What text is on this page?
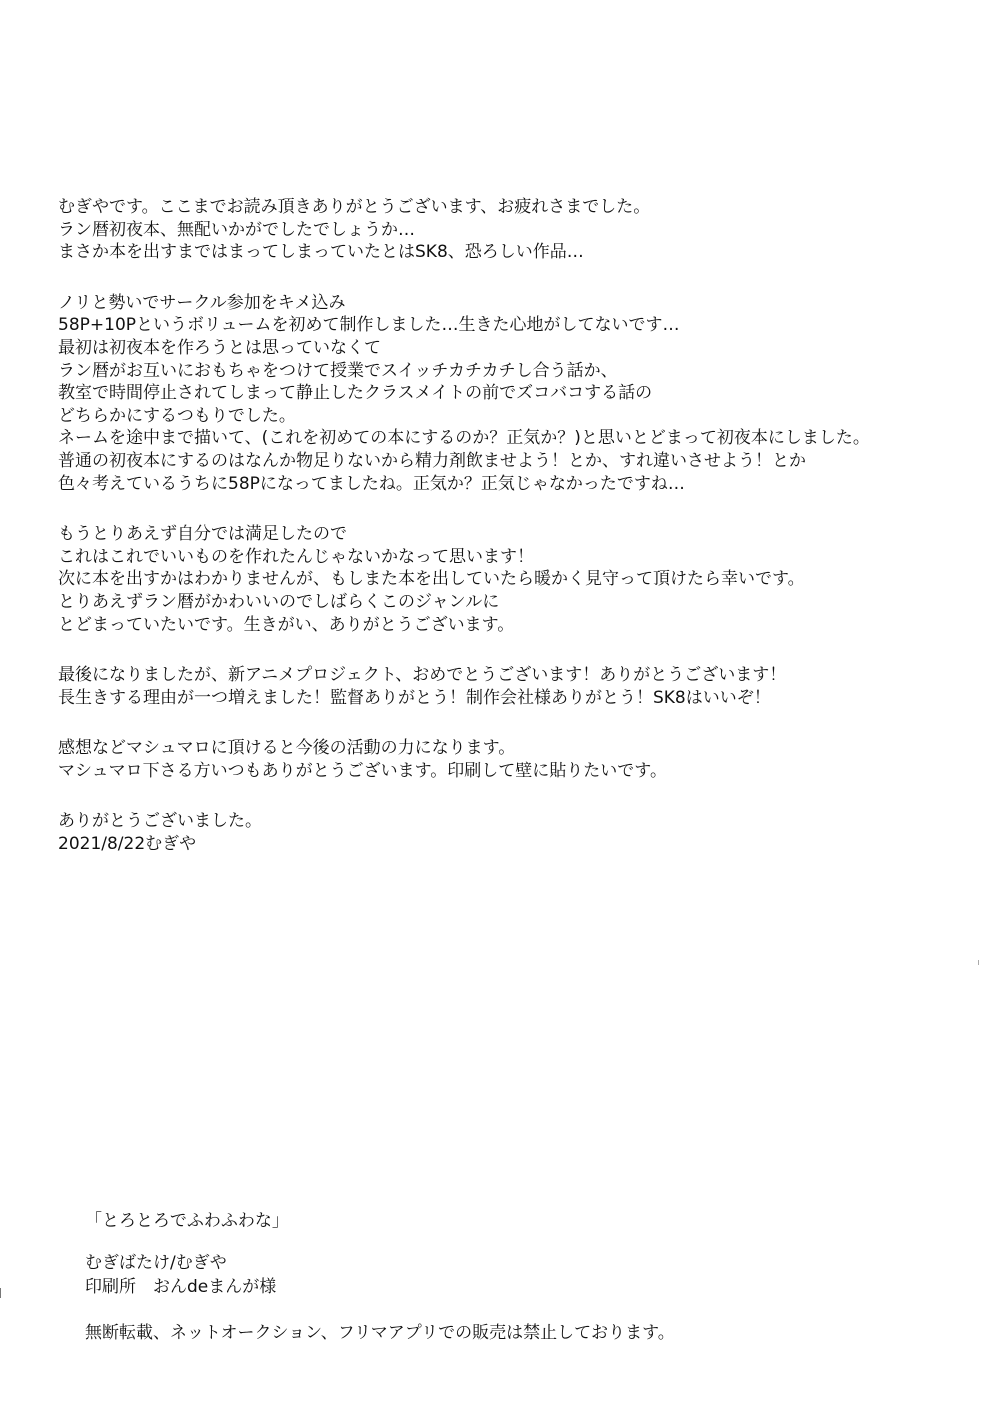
むぎやです。ここまでお読み頂きありがとうございます、お疲れさまでした。
ラン暦初夜本、無配いかがでしたでしょうか…
まさか本を出すまではまってしまっていたとはSK8、恐ろしい作品…
ノリと勢いでサークル参加をキメ込み
58P+10Pというボリュームを初めて制作しました…生きた心地がしてないです…
最初は初夜本を作ろうとは思っていなくて
ラン暦がお互いにおもちゃをつけて授業でスイッチカチカチし合う話か、
教室で時間停止されてしまって静止したクラスメイトの前でズコバコする話の
どちらかにするつもりでした。
ネームを途中まで描いて、(これを初めての本にするのか？正気か？)と思いとどまって初夜本にしました。
普通の初夜本にするのはなんか物足りないから精力剤飲ませよう！とか、すれ違いさせよう！とか
色々考えているうちに58Pになってましたね。正気か？正気じゃなかったですね…
もうとりあえず自分では満足したので
これはこれでいいものを作れたんじゃないかなって思います！
次に本を出すかはわかりませんが、もしまた本を出していたら暖かく見守って頂けたら幸いです。
とりあえずラン暦がかわいいのでしばらくこのジャンルに
とどまっていたいです。生きがい、ありがとうございます。
最後になりましたが、新アニメプロジェクト、おめでとうございます！ありがとうございます！
長生きする理由が一つ増えました！監督ありがとう！制作会社様ありがとう！SK8はいいぞ！
感想などマシュマロに頂けると今後の活動の力になります。
マシュマロ下さる方いつもありがとうございます。印刷して壁に貼りたいです。
ありがとうございました。
2021/8/22むぎや
「とろとろでふわふわな」
むぎばたけ/むぎや
印刷所　おんdeまんが様
無断転載、ネットオークション、フリマアプリでの販売は禁止しております。
